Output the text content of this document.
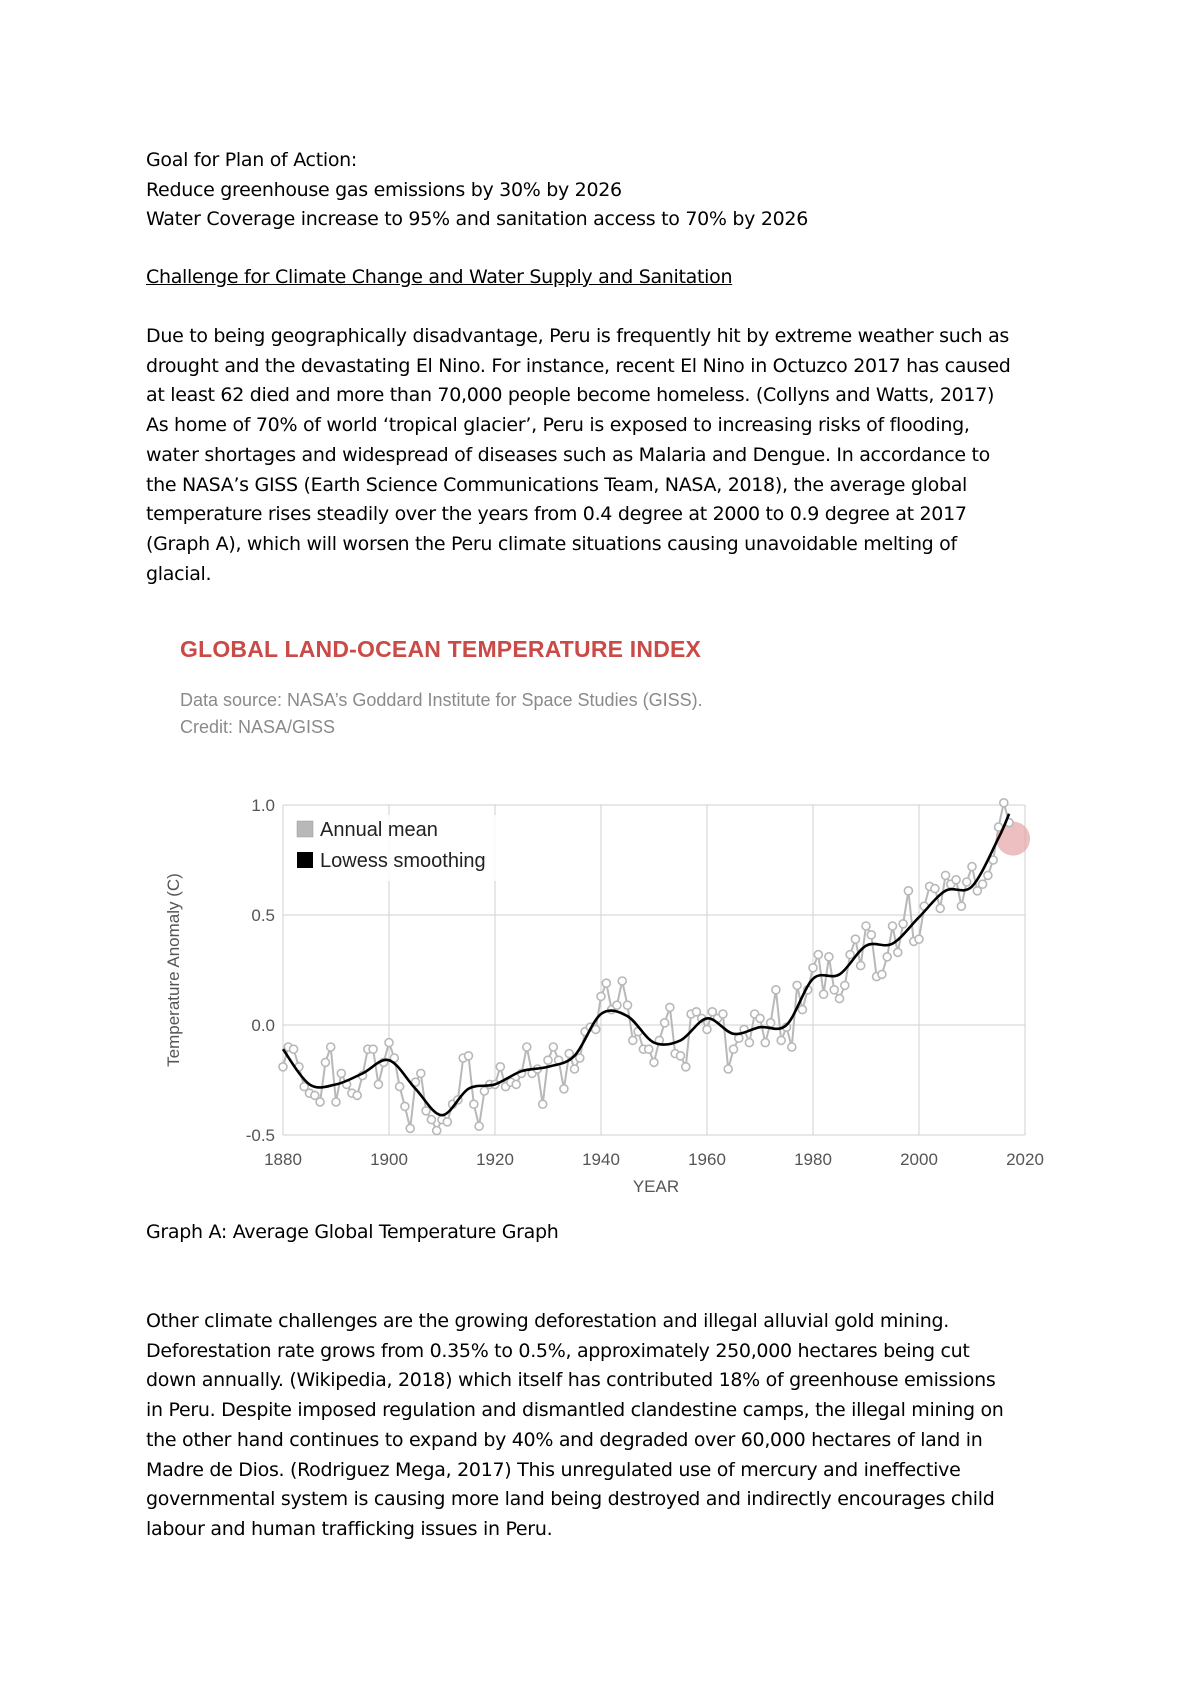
Goal for Plan of Action:

Reduce greenhouse gas emissions by 30% by 2026

Water Coverage increase to 95% and sanitation access to 70% by 2026

Challenge for Climate Change and Water Supply and Sanitation

Due to being geographically disadvantage, Peru is frequently hit by extreme weather such as

drought and the devastating El Nino. For instance, recent El Nino in Octuzco 2017 has caused

at least 62 died and more than 70,000 people become homeless. (Collyns and Watts, 2017)

As home of 70% of world ‘tropical glacier’, Peru is exposed to increasing risks of flooding,

water shortages and widespread of diseases such as Malaria and Dengue. In accordance to

the NASA’s GISS (Earth Science Communications Team, NASA, 2018), the average global

temperature rises steadily over the years from 0.4 degree at 2000 to 0.9 degree at 2017

(Graph A), which will worsen the Peru climate situations causing unavoidable melting of

glacial.

GLOBAL LAND-OCEAN TEMPERATURE INDEX
Data source: NASA’s Goddard Institute for Space Studies (GISS).
Credit: NASA/GISS
1880	1900	1920	1940	1960	1980	2000	2020
1.0
0.5
0.0
-0.5
YEAR
Temperature Anomaly (C)
Annual mean
Lowess smoothing
Graph A: Average Global Temperature Graph

Other climate challenges are the growing deforestation and illegal alluvial gold mining.

Deforestation rate grows from 0.35% to 0.5%, approximately 250,000 hectares being cut

down annually. (Wikipedia, 2018) which itself has contributed 18% of greenhouse emissions

in Peru. Despite imposed regulation and dismantled clandestine camps, the illegal mining on

the other hand continues to expand by 40% and degraded over 60,000 hectares of land in

Madre de Dios. (Rodriguez Mega, 2017) This unregulated use of mercury and ineffective

governmental system is causing more land being destroyed and indirectly encourages child

labour and human trafficking issues in Peru.
